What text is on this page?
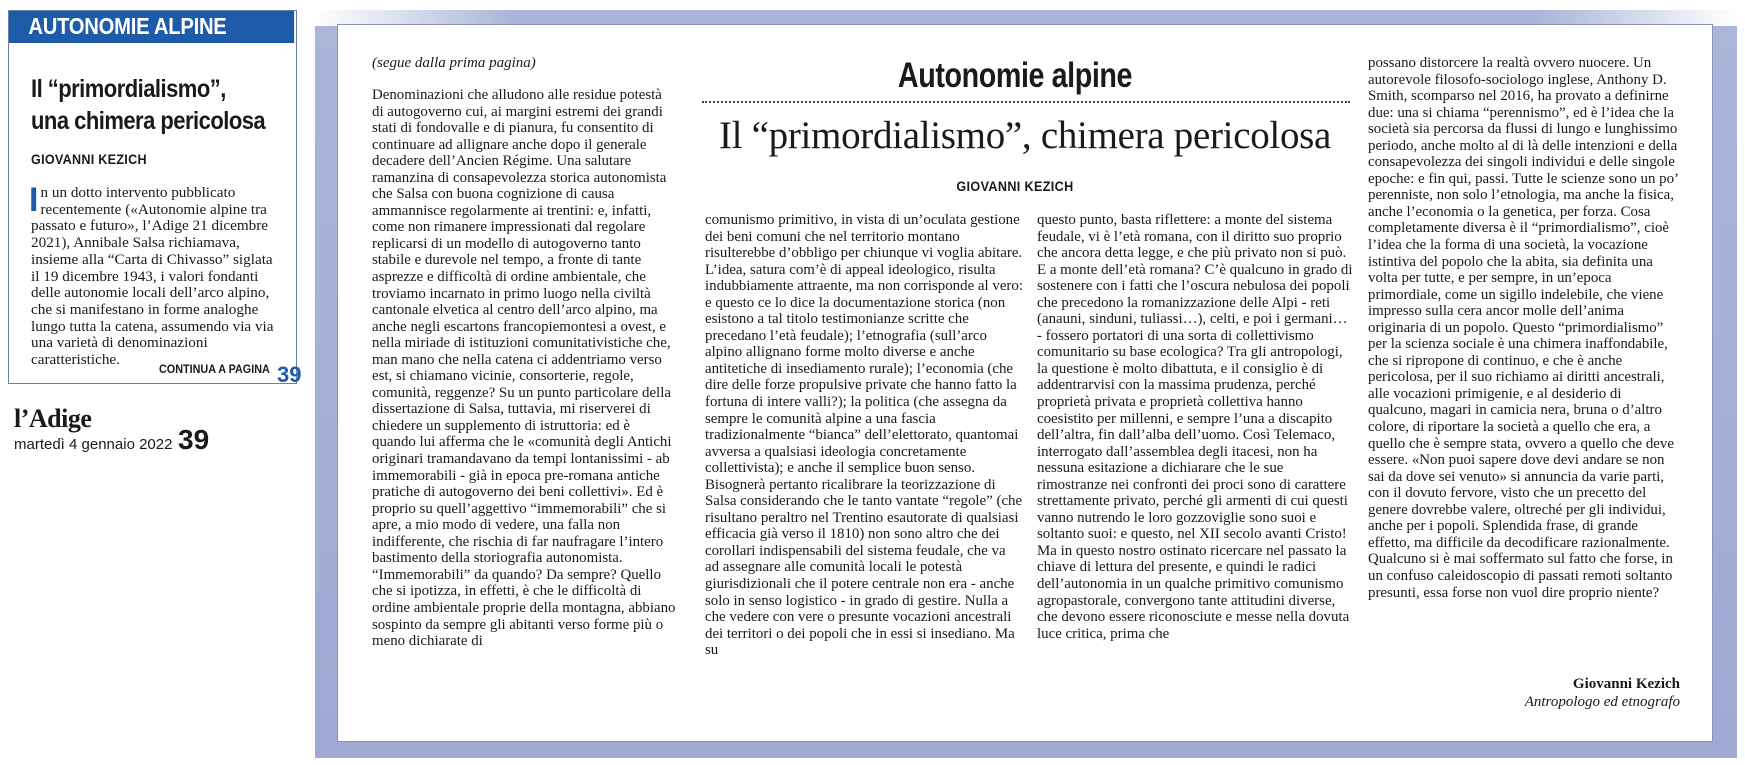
AUTONOMIE ALPINE
Il “primordialismo”,
una chimera pericolosa
GIOVANNI KEZICH
In un dotto intervento pubblicato recentemente («Autonomie alpine tra passato e futuro», l’Adige 21 dicembre 2021), Annibale Salsa richiamava, insieme alla “Carta di Chivasso” siglata il 19 dicembre 1943, i valori fondanti delle autonomie locali dell’arco alpino, che si manifestano in forme analoghe lungo tutta la catena, assumendo via via una varietà di denominazioni caratteristiche.
CONTINUA A PAGINA 39
l’Adige
martedì 4 gennaio 2022 39
(segue dalla prima pagina)	Autonomie alpine
Il “primordialismo”, chimera pericolosa
GIOVANNI KEZICH

Denominazioni che alludono alle residue potestà di autogoverno cui, ai margini estremi dei grandi stati di fondovalle e di pianura, fu consentito di continuare ad allignare anche dopo il generale decadere dell’Ancien Régime. Una salutare ramanzina di consapevolezza storica autonomista che Salsa con buona cognizione di causa ammannisce regolarmente ai trentini: e, infatti, come non rimanere impressionati dal regolare replicarsi di un modello di autogoverno tanto stabile e durevole nel tempo, a fronte di tante asprezze e difficoltà di ordine ambientale, che troviamo incarnato in primo luogo nella civiltà cantonale elvetica al centro dell’arco alpino, ma anche negli escartons francopiemontesi a ovest, e nella miriade di istituzioni comunitativistiche che, man mano che nella catena ci addentriamo verso est, si chiamano vicinie, consorterie, regole, comunità, reggenze? Su un punto particolare della dissertazione di Salsa, tuttavia, mi riserverei di chiedere un supplemento di istruttoria: ed è quando lui afferma che le «comunità degli Antichi originari tramandavano da tempi lontanissimi - ab immemorabili - già in epoca pre-romana antiche pratiche di autogoverno dei beni collettivi». Ed è proprio su quell’aggettivo “immemorabili” che si apre, a mio modo di vedere, una falla non indifferente, che rischia di far naufragare l’intero bastimento della storiografia autonomista. “Immemorabili” da quando? Da sempre? Quello che si ipotizza, in effetti, è che le difficoltà di ordine ambientale proprie della montagna, abbiano sospinto da sempre gli abitanti verso forme più o meno dichiarate di

comunismo primitivo, in vista di un’oculata gestione dei beni comuni che nel territorio montano risulterebbe d’obbligo per chiunque vi voglia abitare. L’idea, satura com’è di appeal ideologico, risulta indubbiamente attraente, ma non corrisponde al vero: e questo ce lo dice la documentazione storica (non esistono a tal titolo testimonianze scritte che precedano l’età feudale); l’etnografia (sull’arco alpino allignano forme molto diverse e anche antitetiche di insediamento rurale); l’economia (che dire delle forze propulsive private che hanno fatto la fortuna di intere valli?); la politica (che assegna da sempre le comunità alpine a una fascia tradizionalmente “bianca” dell’elettorato, quantomai avversa a qualsiasi ideologia concretamente collettivista); e anche il semplice buon senso. Bisognerà pertanto ricalibrare la teorizzazione di Salsa considerando che le tanto vantate “regole” (che risultano peraltro nel Trentino esautorate di qualsiasi efficacia già verso il 1810) non sono altro che dei corollari indispensabili del sistema feudale, che va ad assegnare alle comunità locali le potestà giurisdizionali che il potere centrale non era - anche solo in senso logistico - in grado di gestire. Nulla a che vedere con vere o presunte vocazioni ancestrali dei territori o dei popoli che in essi si insediano. Ma su

questo punto, basta riflettere: a monte del sistema feudale, vi è l’età romana, con il diritto suo proprio che ancora detta legge, e che più privato non si può. E a monte dell’età romana? C’è qualcuno in grado di sostenere con i fatti che l’oscura nebulosa dei popoli che precedono la romanizzazione delle Alpi - reti (anauni, sinduni, tuliassi…), celti, e poi i germani… - fossero portatori di una sorta di collettivismo comunitario su base ecologica? Tra gli antropologi, la questione è molto dibattuta, e il consiglio è di addentrarvisi con la massima prudenza, perché proprietà privata e proprietà collettiva hanno coesistito per millenni, e sempre l’una a discapito dell’altra, fin dall’alba dell’uomo. Così Telemaco, interrogato dall’assemblea degli itacesi, non ha nessuna esitazione a dichiarare che le sue rimostranze nei confronti dei proci sono di carattere strettamente privato, perché gli armenti di cui questi vanno nutrendo le loro gozzoviglie sono suoi e soltanto suoi: e questo, nel XII secolo avanti Cristo! Ma in questo nostro ostinato ricercare nel passato la chiave di lettura del presente, e quindi le radici dell’autonomia in un qualche primitivo comunismo agropastorale, convergono tante attitudini diverse, che devono essere riconosciute e messe nella dovuta luce critica, prima che

possano distorcere la realtà ovvero nuocere. Un autorevole filosofo-sociologo inglese, Anthony D. Smith, scomparso nel 2016, ha provato a definirne due: una si chiama “perennismo”, ed è l’idea che la società sia percorsa da flussi di lungo e lunghissimo periodo, anche molto al di là delle intenzioni e della consapevolezza dei singoli individui e delle singole epoche: e fin qui, passi. Tutte le scienze sono un po’ perenniste, non solo l’etnologia, ma anche la fisica, anche l’economia o la genetica, per forza. Cosa completamente diversa è il “primordialismo”, cioè l’idea che la forma di una società, la vocazione istintiva del popolo che la abita, sia definita una volta per tutte, e per sempre, in un’epoca primordiale, come un sigillo indelebile, che viene impresso sulla cera ancor molle dell’anima originaria di un popolo. Questo “primordialismo” per la scienza sociale è una chimera inaffondabile, che si ripropone di continuo, e che è anche pericolosa, per il suo richiamo ai diritti ancestrali, alle vocazioni primigenie, e al desiderio di qualcuno, magari in camicia nera, bruna o d’altro colore, di riportare la società a quello che era, a quello che è sempre stata, ovvero a quello che deve essere. «Non puoi sapere dove devi andare se non sai da dove sei venuto» si annuncia da varie parti, con il dovuto fervore, visto che un precetto del genere dovrebbe valere, oltreché per gli individui, anche per i popoli. Splendida frase, di grande effetto, ma difficile da decodificare razionalmente. Qualcuno si è mai soffermato sul fatto che forse, in un confuso caleidoscopio di passati remoti soltanto presunti, essa forse non vuol dire proprio niente?

Giovanni Kezich
Antropologo ed etnografo
